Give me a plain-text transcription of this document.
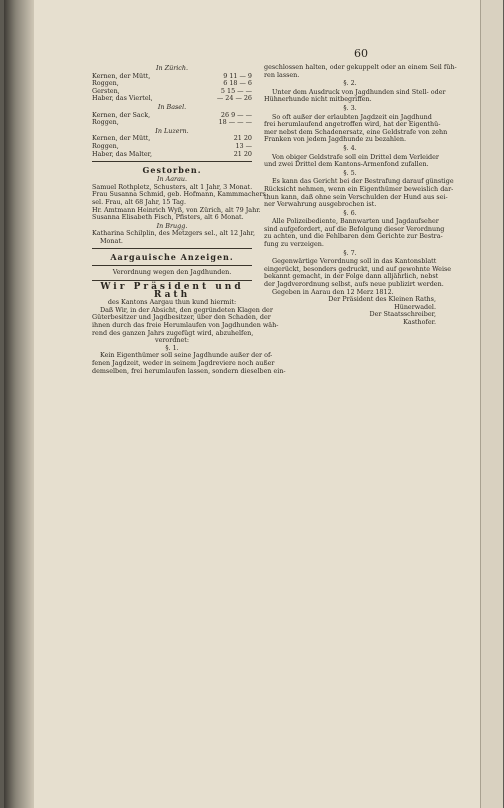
60
In Zürich.
Kernen, der Mütt,	9 11 — 9
Roggen,	6 18 — 6
Gersten,	5 15 — —
Haber, das Viertel,	— 24 — 26
In Basel.
Kernen, der Sack,	26 9 — —
Roggen,	18 — — —
In Luzern.
Kernen, der Mütt,	21 20
Roggen,	13 —
Haber, das Malter,	21 20
Gestorben.
In Aarau.
Samuel Rothpletz, Schusters, alt 1 Jahr, 3 Monat.
Frau Susanna Schmid, geb. Hofmann, Kammmachers
sel. Frau, alt 68 Jahr, 15 Tag.
Hr. Amtmann Heinrich Wyß, von Zürich, alt 79 Jahr.
Susanna Elisabeth Fisch, Pfisters, alt 6 Monat.
In Brugg.
Katharina Schilplin, des Metzgers sel., alt 12 Jahr,
Monat.
Aargauische Anzeigen.
Verordnung wegen den Jagdhunden.
Wir Präsident und Rath
des Kantons Aargau thun kund hiermit:
Daß Wir, in der Absicht, den gegründeten Klagen der
Güterbesitzer und Jagdbesitzer, über den Schaden, der
ihnen durch das freie Herumlaufen von Jagdhunden wäh-
rend des ganzen Jahrs zugefügt wird, abzuhelfen,
verordnet:
§. 1.
Kein Eigenthümer soll seine Jagdhunde außer der of-
fenen Jagdzeit, weder in seinem Jagdreviere noch außer
demselben, frei herumlaufen lassen, sondern dieselben ein-
geschlossen halten, oder gekuppelt oder an einem Seil füh-
ren lassen.
§. 2.
Unter dem Ausdruck von Jagdhunden sind Stell- oder
Hühnerhunde nicht mitbegriffen.
§. 3.
So oft außer der erlaubten Jagdzeit ein Jagdhund
frei herumlaufend angetroffen wird, hat der Eigenthü-
mer nebst dem Schadenersatz, eine Geldstrafe von zehn
Franken von jedem Jagdhunde zu bezahlen.
§. 4.
Von obiger Geldstrafe soll ein Drittel dem Verleider
und zwei Drittel dem Kantons-Armenfond zufallen.
§. 5.
Es kann das Gericht bei der Bestrafung darauf günstige
Rücksicht nehmen, wenn ein Eigenthümer beweislich dar-
thun kann, daß ohne sein Verschulden der Hund aus sei-
ner Verwahrung ausgebrochen ist.
§. 6.
Alle Polizeibediente, Bannwarten und Jagdaufseher
sind aufgefordert, auf die Befolgung dieser Verordnung
zu achten, und die Fehlbaren dem Gerichte zur Bestra-
fung zu verzeigen.
§. 7.
Gegenwärtige Verordnung soll in das Kantonsblatt
eingerückt, besonders gedruckt, und auf gewohnte Weise
bekannt gemacht, in der Folge dann alljährlich, nebst
der Jagdverordnung selbst, aufs neue publizirt werden.
Gegeben in Aarau den 12 Merz 1812.
Der Präsident des Kleinen Raths,
Hünerwadel.
Der Staatsschreiber,
Kasthofer.
